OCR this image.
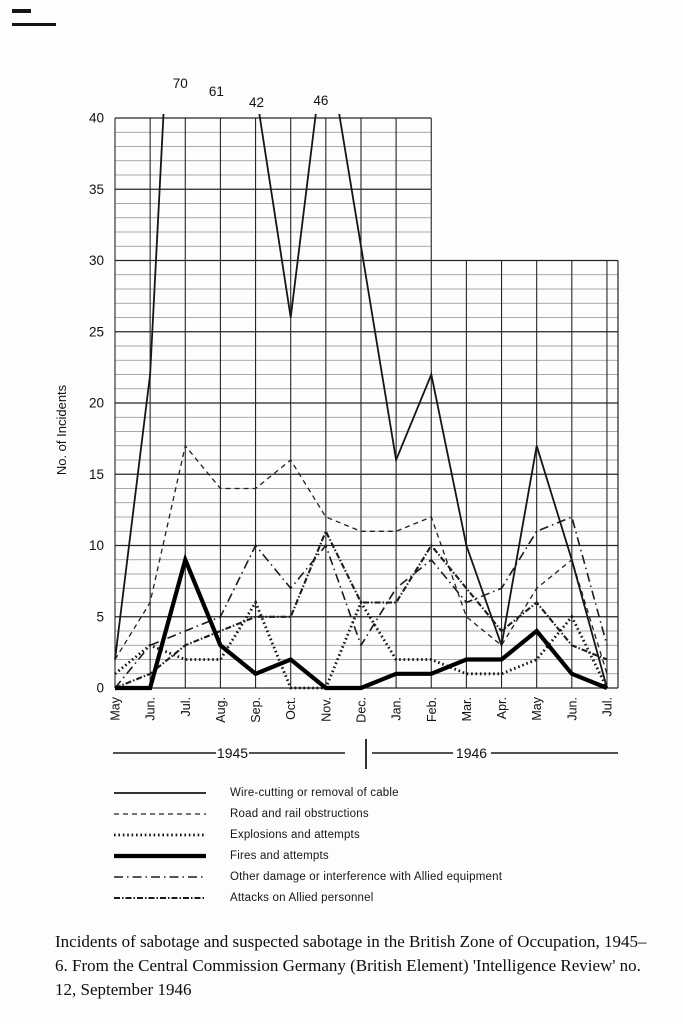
70
61
42	46
0
5
10
15
20
25
30
35
40
No. of Incidents
May Jun. Jul. Aug. Sep. Oct. Nov. Dec. Jan. Feb. Mar. Apr. May Jun. Jul.
1945	1946
Wire-cutting or removal of cable
Road and rail obstructions
Explosions and attempts
Fires and attempts
Other damage or interference with Allied equipment
Attacks on Allied personnel
Incidents of sabotage and suspected sabotage in the British Zone of Occupation, 1945–6. From the Central Commission Germany (British Element) 'Intelligence Review' no. 12, September 1946
